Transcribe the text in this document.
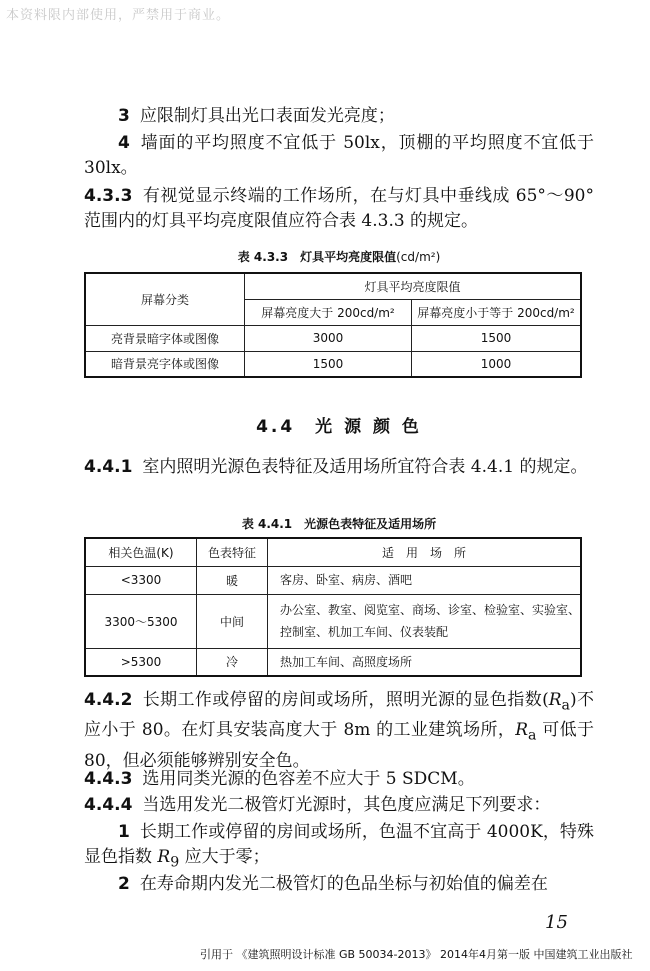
本资料限内部使用，严禁用于商业。
3 应限制灯具出光口表面发光亮度；
4 墙面的平均照度不宜低于 50lx，顶棚的平均照度不宜低于 30lx。
4.3.3 有视觉显示终端的工作场所，在与灯具中垂线成 65°～90°范围内的灯具平均亮度限值应符合表 4.3.3 的规定。
表 4.3.3 灯具平均亮度限值(cd/m²)
屏幕分类	灯具平均亮度限值	
	屏幕亮度大于 200cd/m²	屏幕亮度小于等于 200cd/m²
亮背景暗字体或图像	3000	1500
暗背景亮字体或图像	1500	1000
4.4　光 源 颜 色
4.4.1 室内照明光源色表特征及适用场所宜符合表 4.4.1 的规定。
表 4.4.1 光源色表特征及适用场所
相关色温(K)	色表特征	适　用　场　所
<3300	暖	客房、卧室、病房、酒吧
3300～5300	中间	办公室、教室、阅览室、商场、诊室、检验室、实验室、控制室、机加工车间、仪表装配
>5300	冷	热加工车间、高照度场所
4.4.2 长期工作或停留的房间或场所，照明光源的显色指数$(R_a)$不应小于 80。在灯具安装高度大于 8m 的工业建筑场所，$R_a$ 可低于 80，但必须能够辨别安全色。
4.4.3 选用同类光源的色容差不应大于 5 SDCM。
4.4.4 当选用发光二极管灯光源时，其色度应满足下列要求：
1 长期工作或停留的房间或场所，色温不宜高于 4000K，特殊显色指数 $R_9$ 应大于零；
2 在寿命期内发光二极管灯的色品坐标与初始值的偏差在
15
引用于 《建筑照明设计标准 GB 50034-2013》 2014年4月第一版 中国建筑工业出版社
